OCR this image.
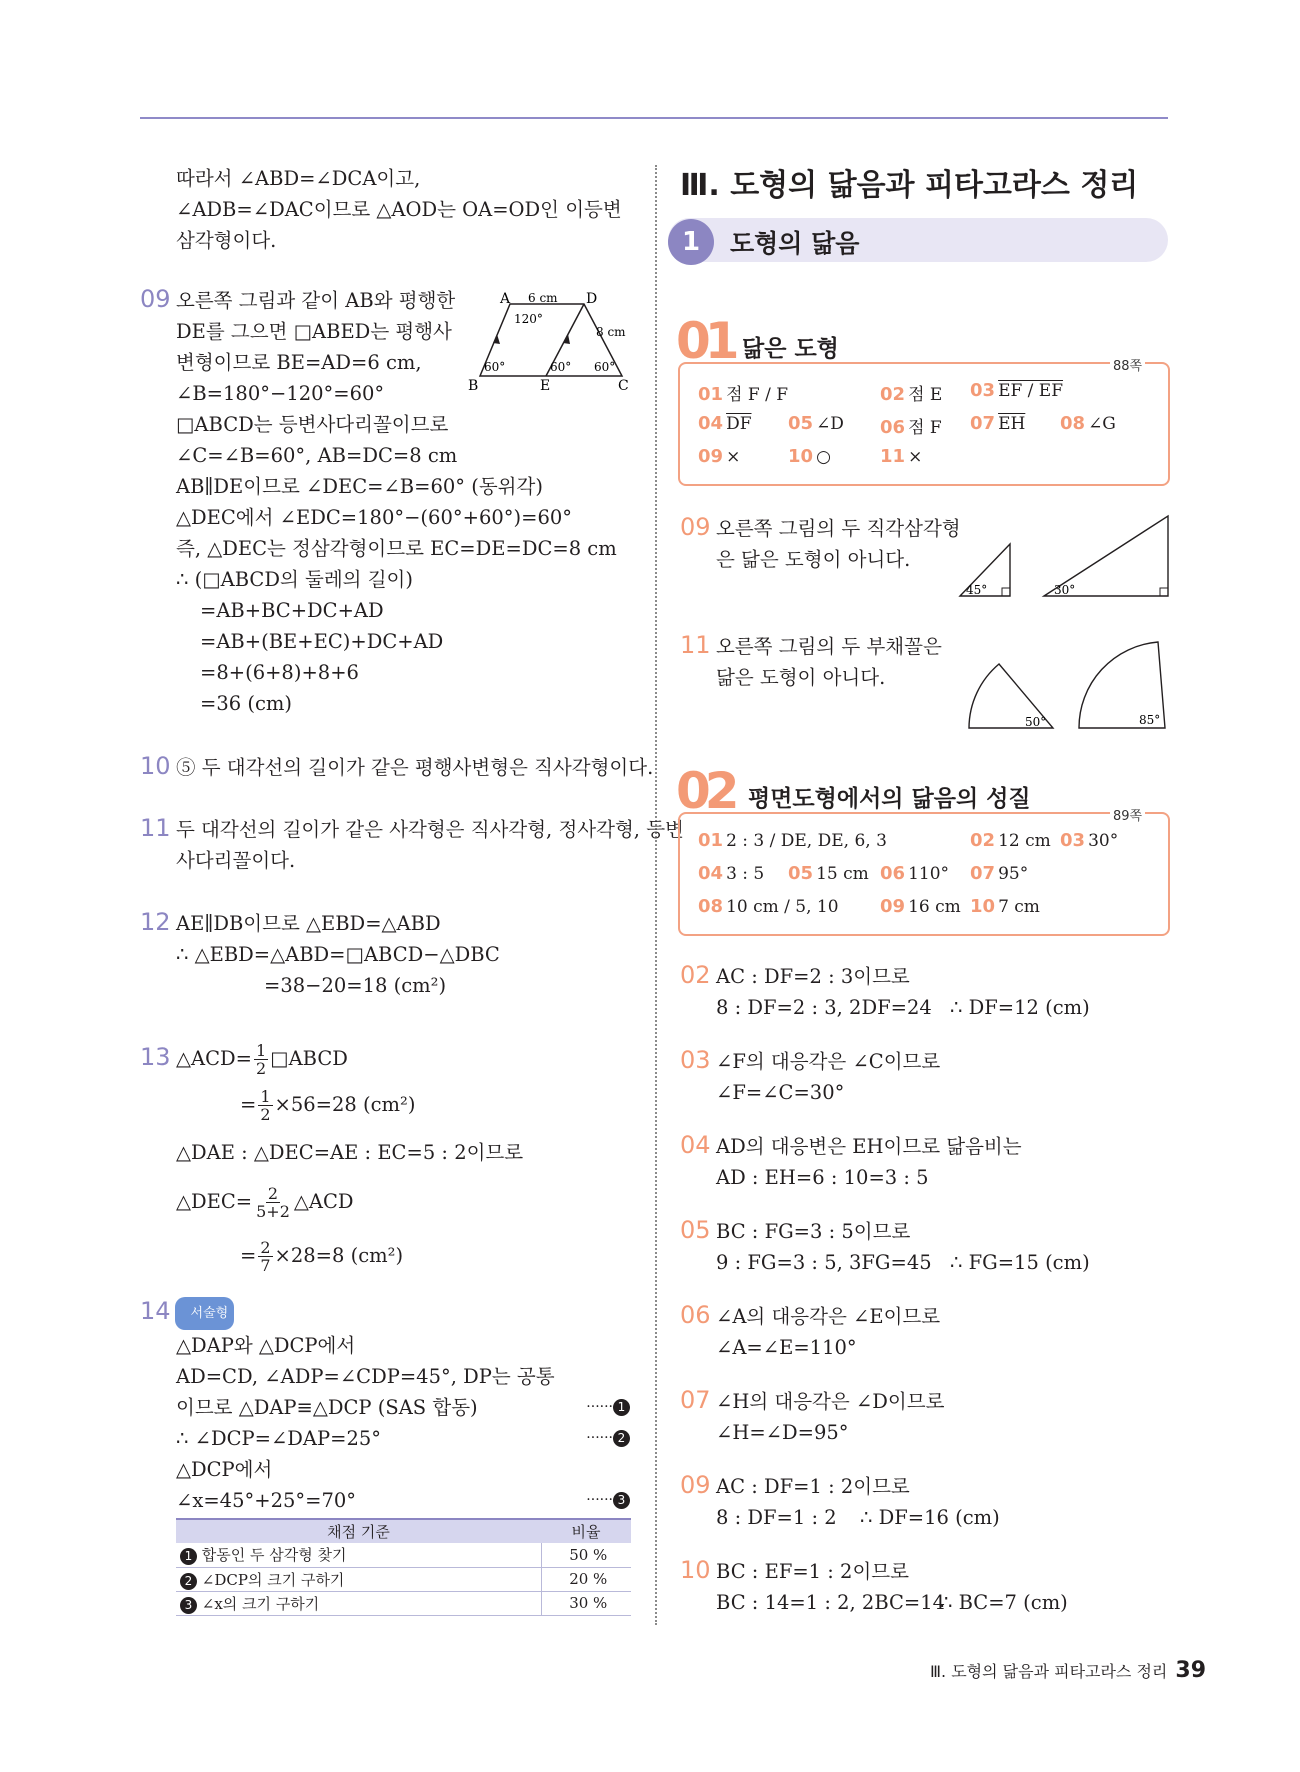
따라서 ∠ABD=∠DCA이고,
∠ADB=∠DAC이므로 △AOD는 OA=OD인 이등변
삼각형이다.
09 오른쪽 그림과 같이 AB와 평행한
DE를 그으면 □ABED는 평행사
변형이므로 BE=AD=6 cm,
∠B=180°−120°=60°
□ABCD는 등변사다리꼴이므로
∠C=∠B=60°, AB=DC=8 cm
AB∥DE이므로 ∠DEC=∠B=60° (동위각)
△DEC에서 ∠EDC=180°−(60°+60°)=60°
즉, △DEC는 정삼각형이므로 EC=DE=DC=8 cm
∴ (□ABCD의 둘레의 길이)
=AB+BC+DC+AD
=AB+(BE+EC)+DC+AD
=8+(6+8)+8+6
=36 (cm)
A	D
B	E	C
6 cm
8 cm
120°
60°	60° 60°
10 ⑤ 두 대각선의 길이가 같은 평행사변형은 직사각형이다.
11 두 대각선의 길이가 같은 사각형은 직사각형, 정사각형, 등변
사다리꼴이다.
12 AE∥DB이므로 △EBD=△ABD
∴ △EBD=△ABD=□ABCD−△DBC
=38−20=18 (cm²)
13 △ACD= $\frac{1}{2}$ □ABCD
= $\frac{1}{2} \times 56=28$ (cm²)
△DAE : △DEC=AE : EC=5 : 2이므로
△DEC= $\frac{2}{5+2}$ △ACD
= $\frac{2}{7} \times 28=8$ (cm²)
14 서술형
△DAP와 △DCP에서
AD=CD, ∠ADP=∠CDP=45°, DP는 공통
이므로 △DAP≡△DCP (SAS 합동)	······ 1
∴ ∠DCP=∠DAP=25°	······ 2
△DCP에서
∠x=45°+25°=70°	······ 3
채점 기준	비율
1 합동인 두 삼각형 찾기	50 %
2 ∠DCP의 크기 구하기	20 %
3 ∠x의 크기 구하기	30 %
Ⅲ. 도형의 닮음과 피타고라스 정리
1	도형의 닮음
01 닮은 도형
88쪽
01 점 F / F	02 점 E 03 EF / EF
04 $\overline{DF}$ 05 ∠D 06 점 F 07 $\overline{EH}$ 08 ∠G
09 ×	10 ○	11 ×
09 오른쪽 그림의 두 직각삼각형
은 닮은 도형이 아니다.
45°	30°
11 오른쪽 그림의 두 부채꼴은
닮은 도형이 아니다.
50°	85°
02 평면도형에서의 닮음의 성질
89쪽
01 2 : 3 / DE, DE, 6, 3	02 12 cm 03 30°
04 3 : 5 05 15 cm 06 110° 07 95°
08 10 cm / 5, 10 09 16 cm 10 7 cm
02 AC : DF=2 : 3이므로
8 : DF=2 : 3, 2DF=24 ∴ DF=12 (cm)
03 ∠F의 대응각은 ∠C이므로
∠F=∠C=30°
04 AD의 대응변은 EH이므로 닮음비는
AD : EH=6 : 10=3 : 5
05 BC : FG=3 : 5이므로
9 : FG=3 : 5, 3FG=45 ∴ FG=15 (cm)
06 ∠A의 대응각은 ∠E이므로
∠A=∠E=110°
07 ∠H의 대응각은 ∠D이므로
∠H=∠D=95°
09 AC : DF=1 : 2이므로
8 : DF=1 : 2 ∴ DF=16 (cm)
10 BC : EF=1 : 2이므로
BC : 14=1 : 2, 2BC=14
∴ BC=7 (cm)
Ⅲ. 도형의 닮음과 피타고라스 정리 39
